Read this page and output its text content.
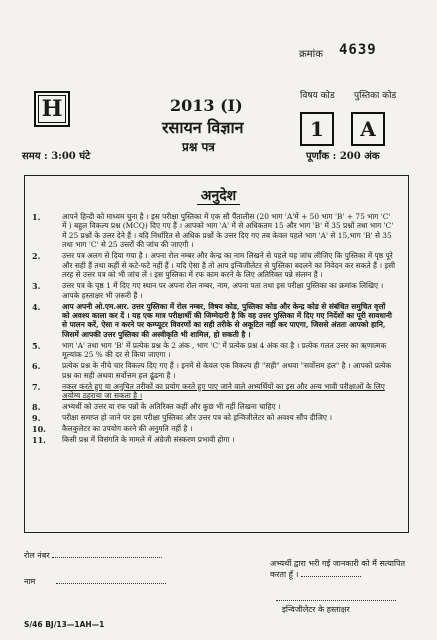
क्रमांक 4639
H	2013 (I)
रसायन विज्ञान
प्रश्न पत्र
समय : 3:00 घंटे
विषय कोड पुस्तिका कोड
1	A
पूर्णांक : 200 अंक
अनुदेश
1.	आपने हिन्दी को माध्यम चुना है । इस परीक्षा पुस्तिका में एक सौ पैंतालीस (20 भाग 'A'में + 50 भाग 'B' + 75 भाग 'C' में ) बहुल विकल्प प्रश्न (MCQ) दिए गए हैं । आपको भाग 'A' में से अधिकतम 15 और भाग 'B' में 35 प्रश्नों तथा भाग 'C' में 25 प्रश्नों के उत्तर देने हैं । यदि निर्धारित से अधिक प्रश्नों के उत्तर दिए गए तब केवल पहले भाग 'A' से 15,भाग 'B' से 35 तथा भाग 'C' से 25 उत्तरों की जांच की जाएगी ।
2.	उत्तर पत्र अलग से दिया गया है । अपना रोल नम्बर और केन्द्र का नाम लिखने से पहले यह जांच लीजिए कि पुस्तिका में पृष्ठ पूरे और सही हैं तथा कहीं से कटे-फटे नहीं हैं । यदि ऐसा है तो आप इन्विजीलेटर से पुस्तिका बदलने का निवेदन कर सकते हैं । इसी तरह से उत्तर पत्र को भी जांच लें । इस पुस्तिका में रफ काम करने के लिए अतिरिक्त पन्ने संलग्न हैं ।
3.	उत्तर पत्र के पृष्ठ 1 में दिए गए स्थान पर अपना रोल नम्बर, नाम, अपना पता तथा इस परीक्षा पुस्तिका का क्रमांक लिखिए । आपके हस्ताक्षर भी ज़रूरी हैं ।
4.	आप अपनी ओ.एम.आर. उत्तर पुस्तिका में रोल नम्बर, विषय कोड, पुस्तिका कोड और केन्द्र कोड से संबंधित समुचित वृत्तों को अवश्य काला कर दें । यह एक मात्र परीक्षार्थी की जिम्मेदारी है कि वह उत्तर पुस्तिका में दिए गए निर्देशों का पूरी सावधानी से पालन करें, ऐसा न करने पर कम्प्यूटर विवरणों का सही तरीके से अकूटित नहीं कर पाएगा, जिससे अंततः आपको हानि, जिसमें आपकी उत्तर पुस्तिका की अस्वीकृति भी शामिल, हो सकती है ।
5.	भाग 'A' तथा भाग 'B' में प्रत्येक प्रश्न के 2 अंक , भाग 'C' में प्रत्येक प्रश्न 4 अंक का है । प्रत्येक गलत उत्तर का ऋणात्मक मूल्यांक 25 % की दर से किया जाएगा ।
6.	प्रत्येक प्रश्न के नीचे चार विकल्प दिए गए हैं । इनमें से केवल एक विकल्प ही "सही" अथवा "सर्वोत्तम हल" है । आपको प्रत्येक प्रश्न का सही अथवा सर्वोत्तम हल ढूंढना है ।
7.	नकल करते हुए या अनुचित तरीकों का प्रयोग करते हुए पाए जाने वाले अभ्यर्थियों का इस और अन्य भावी परीक्षाओं के लिए अयोग्य ठहराया जा सकता है ।
8.	अभ्यर्थी को उत्तर या रफ पन्नों के अतिरिक्त कहीं और कुछ भी नहीं लिखना चाहिए ।
9.	परीक्षा समाप्त हो जाने पर इस परीक्षा पुस्तिका और उत्तर पत्र को इन्विजीलेटर को अवश्य सौंप दीजिए ।
10. कैलकुलेटर का उपयोग करने की अनुमति नहीं है ।
11. किसी प्रश्न में विसंगति के मामले में अंग्रेजी संस्करण प्रभावी होगा ।
रोल नंबर
नाम
अभ्यर्थी द्वारा भरी गई जानकारी को मैं सत्यापित
करता हूँ ।
इन्विजीलेटर के हस्ताक्षर
S/46 BJ/13—1AH—1
